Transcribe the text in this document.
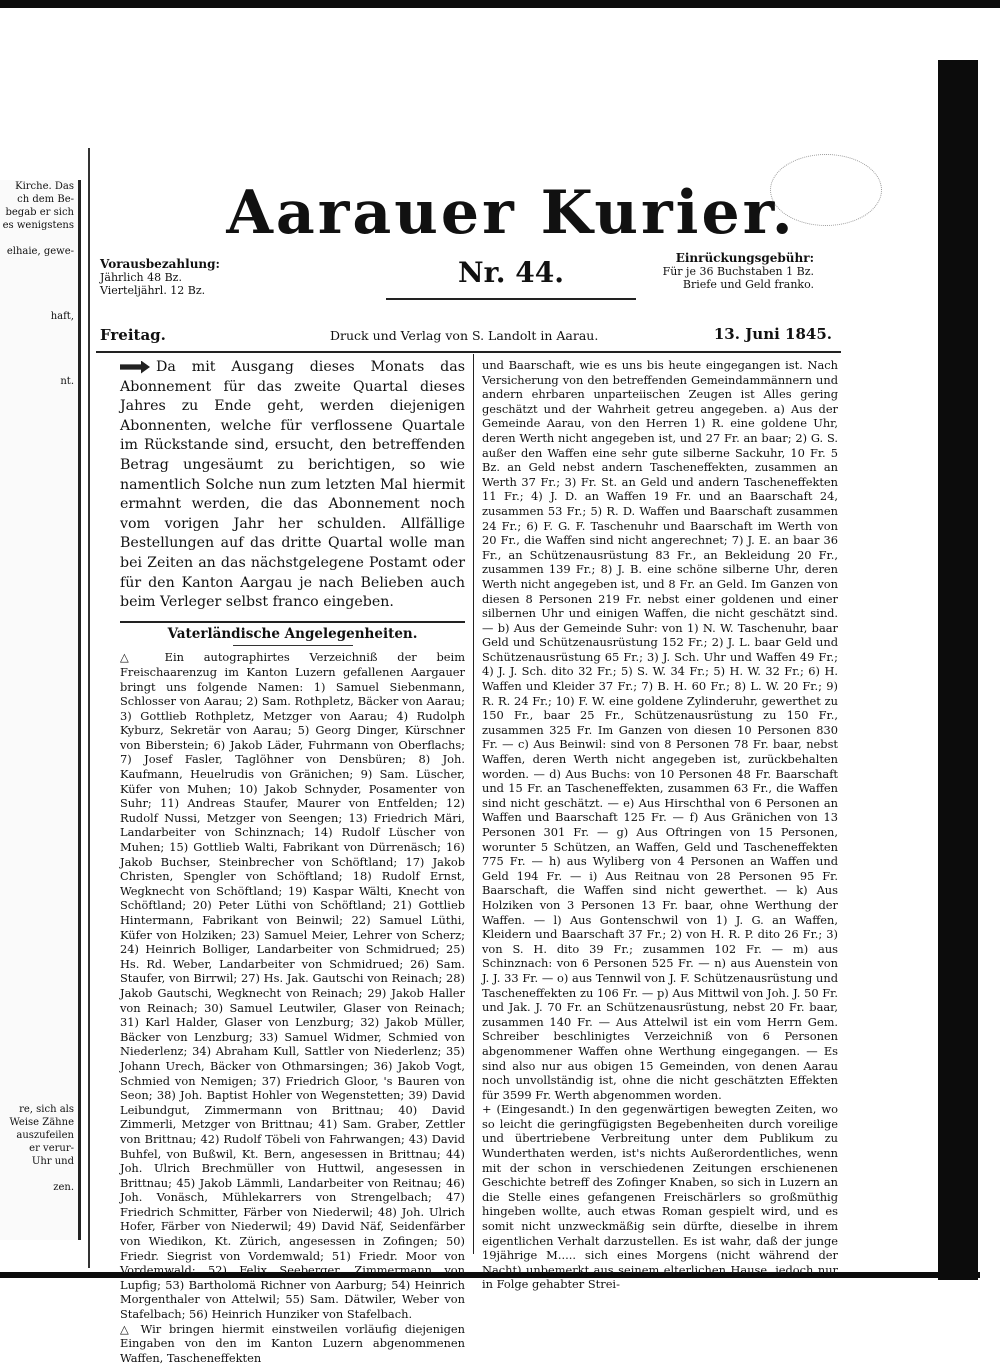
Kirche. Das

ch dem Be-

begab er sich

es wenigstens

elhaie, gewe-

haft,

nt.

re, sich als

Weise Zähne

auszufeilen

er verur-

Uhr und

zen.

Aarauer Kurier.
Vorausbezahlung:
Jährlich 48 Bz.
Vierteljährl. 12 Bz.
Nr. 44.	Einrückungsgebühr:
Für je 36 Buchstaben 1 Bz.
Briefe und Geld franko.
Freitag.	Druck und Verlag von S. Landolt in Aarau.	13. Juni 1845.

Da mit Ausgang dieses Monats das Abonnement für das zweite Quartal dieses Jahres zu Ende geht, werden diejenigen Abonnenten, welche für verflossene Quartale im Rückstande sind, ersucht, den betreffenden Betrag ungesäumt zu berichtigen, so wie namentlich Solche nun zum letzten Mal hiermit ermahnt werden, die das Abonnement noch vom vorigen Jahr her schulden. Allfällige Bestellungen auf das dritte Quartal wolle man bei Zeiten an das nächstgelegene Postamt oder für den Kanton Aargau je nach Belieben auch beim Verleger selbst franco eingeben.

Vaterländische Angelegenheiten.

△ Ein autographirtes Verzeichniß der beim Freischaarenzug im Kanton Luzern gefallenen Aargauer bringt uns folgende Namen: 1) Samuel Siebenmann, Schlosser von Aarau; 2) Sam. Rothpletz, Bäcker von Aarau; 3) Gottlieb Rothpletz, Metzger von Aarau; 4) Rudolph Kyburz, Sekretär von Aarau; 5) Georg Dinger, Kürschner von Biberstein; 6) Jakob Läder, Fuhrmann von Oberflachs; 7) Josef Fasler, Taglöhner von Densbüren; 8) Joh. Kaufmann, Heuelrudis von Gränichen; 9) Sam. Lüscher, Küfer von Muhen; 10) Jakob Schnyder, Posamenter von Suhr; 11) Andreas Staufer, Maurer von Entfelden; 12) Rudolf Nussi, Metzger von Seengen; 13) Friedrich Märi, Landarbeiter von Schinznach; 14) Rudolf Lüscher von Muhen; 15) Gottlieb Walti, Fabrikant von Dürrenäsch; 16) Jakob Buchser, Steinbrecher von Schöftland; 17) Jakob Christen, Spengler von Schöftland; 18) Rudolf Ernst, Wegknecht von Schöftland; 19) Kaspar Wälti, Knecht von Schöftland; 20) Peter Lüthi von Schöftland; 21) Gottlieb Hintermann, Fabrikant von Beinwil; 22) Samuel Lüthi, Küfer von Holziken; 23) Samuel Meier, Lehrer von Scherz; 24) Heinrich Bolliger, Landarbeiter von Schmidrued; 25) Hs. Rd. Weber, Landarbeiter von Schmidrued; 26) Sam. Staufer, von Birrwil; 27) Hs. Jak. Gautschi von Reinach; 28) Jakob Gautschi, Wegknecht von Reinach; 29) Jakob Haller von Reinach; 30) Samuel Leutwiler, Glaser von Reinach; 31) Karl Halder, Glaser von Lenzburg; 32) Jakob Müller, Bäcker von Lenzburg; 33) Samuel Widmer, Schmied von Niederlenz; 34) Abraham Kull, Sattler von Niederlenz; 35) Johann Urech, Bäcker von Othmarsingen; 36) Jakob Vogt, Schmied von Nemigen; 37) Friedrich Gloor, 's Bauren von Seon; 38) Joh. Baptist Hohler von Wegenstetten; 39) David Leibundgut, Zimmermann von Brittnau; 40) David Zimmerli, Metzger von Brittnau; 41) Sam. Graber, Zettler von Brittnau; 42) Rudolf Töbeli von Fahrwangen; 43) David Buhfel, von Bußwil, Kt. Bern, angesessen in Brittnau; 44) Joh. Ulrich Brechmüller von Huttwil, angesessen in Brittnau; 45) Jakob Lämmli, Landarbeiter von Reitnau; 46) Joh. Vonäsch, Mühlekarrers von Strengelbach; 47) Friedrich Schmitter, Färber von Niederwil; 48) Joh. Ulrich Hofer, Färber von Niederwil; 49) David Näf, Seidenfärber von Wiedikon, Kt. Zürich, angesessen in Zofingen; 50) Friedr. Siegrist von Vordemwald; 51) Friedr. Moor von Vordemwald; 52) Felix Seeberger, Zimmermann von Lupfig; 53) Bartholomä Richner von Aarburg; 54) Heinrich Morgenthaler von Attelwil; 55) Sam. Dätwiler, Weber von Stafelbach; 56) Heinrich Hunziker von Stafelbach.

△ Wir bringen hiermit einstweilen vorläufig diejenigen Eingaben von den im Kanton Luzern abgenommenen Waffen, Tascheneffekten

und Baarschaft, wie es uns bis heute eingegangen ist. Nach Versicherung von den betreffenden Gemeindammännern und andern ehrbaren unparteiischen Zeugen ist Alles gering geschätzt und der Wahrheit getreu angegeben. a) Aus der Gemeinde Aarau, von den Herren 1) R. eine goldene Uhr, deren Werth nicht angegeben ist, und 27 Fr. an baar; 2) G. S. außer den Waffen eine sehr gute silberne Sackuhr, 10 Fr. 5 Bz. an Geld nebst andern Taschenеffekten, zusammen an Werth 37 Fr.; 3) Fr. St. an Geld und andern Taschenеffekten 11 Fr.; 4) J. D. an Waffen 19 Fr. und an Baarschaft 24, zusammen 53 Fr.; 5) R. D. Waffen und Baarschaft zusammen 24 Fr.; 6) F. G. F. Taschenuhr und Baarschaft im Werth von 20 Fr., die Waffen sind nicht angerechnet; 7) J. E. an baar 36 Fr., an Schützenausrüstung 83 Fr., an Bekleidung 20 Fr., zusammen 139 Fr.; 8) J. B. eine schöne silberne Uhr, deren Werth nicht angegeben ist, und 8 Fr. an Geld. Im Ganzen von diesen 8 Personen 219 Fr. nebst einer goldenen und einer silbernen Uhr und einigen Waffen, die nicht geschätzt sind. — b) Aus der Gemeinde Suhr: von 1) N. W. Taschenuhr, baar Geld und Schützenausrüstung 152 Fr.; 2) J. L. baar Geld und Schützenausrüstung 65 Fr.; 3) J. Sch. Uhr und Waffen 49 Fr.; 4) J. J. Sch. dito 32 Fr.; 5) S. W. 34 Fr.; 5) H. W. 32 Fr.; 6) H. Waffen und Kleider 37 Fr.; 7) B. H. 60 Fr.; 8) L. W. 20 Fr.; 9) R. R. 24 Fr.; 10) F. W. eine goldene Zylinderuhr, gewerthet zu 150 Fr., baar 25 Fr., Schützenausrüstung zu 150 Fr., zusammen 325 Fr. Im Ganzen von diesen 10 Personen 830 Fr. — c) Aus Beinwil: sind von 8 Personen 78 Fr. baar, nebst Waffen, deren Werth nicht angegeben ist, zurückbehalten worden. — d) Aus Buchs: von 10 Personen 48 Fr. Baarschaft und 15 Fr. an Taschenеffekten, zusammen 63 Fr., die Waffen sind nicht geschätzt. — e) Aus Hirschthal von 6 Personen an Waffen und Baarschaft 125 Fr. — f) Aus Gränichen von 13 Personen 301 Fr. — g) Aus Oftringen von 15 Personen, worunter 5 Schützen, an Waffen, Geld und Taschenеffekten 775 Fr. — h) aus Wyliberg von 4 Personen an Waffen und Geld 194 Fr. — i) Aus Reitnau von 28 Personen 95 Fr. Baarschaft, die Waffen sind nicht gewerthet. — k) Aus Holziken von 3 Personen 13 Fr. baar, ohne Werthung der Waffen. — l) Aus Gontenschwil von 1) J. G. an Waffen, Kleidern und Baarschaft 37 Fr.; 2) von H. R. P. dito 26 Fr.; 3) von S. H. dito 39 Fr.; zusammen 102 Fr. — m) aus Schinznach: von 6 Personen 525 Fr. — n) aus Auenstein von J. J. 33 Fr. — o) aus Tennwil von J. F. Schützenausrüstung und Taschenеffekten zu 106 Fr. — p) Aus Mittwil von Joh. J. 50 Fr. und Jak. J. 70 Fr. an Schützenausrüstung, nebst 20 Fr. baar, zusammen 140 Fr. — Aus Attelwil ist ein vom Herrn Gem. Schreiber beschlinigtes Verzeichniß von 6 Personen abgenommener Waffen ohne Werthung eingegangen. — Es sind also nur aus obigen 15 Gemeinden, von denen Aarau noch unvollständig ist, ohne die nicht geschätzten Effekten für 3599 Fr. Werth abgenommen worden.

+ (Eingesandt.) In den gegenwärtigen bewegten Zeiten, wo so leicht die geringfügigsten Begebenheiten durch voreilige und übertriebene Verbreitung unter dem Publikum zu Wunderthaten werden, ist's nichts Außerordentliches, wenn mit der schon in verschiedenen Zeitungen erschienenen Geschichte betreff des Zofinger Knaben, so sich in Luzern an die Stelle eines gefangenen Freischärlers so großmüthig hingeben wollte, auch etwas Roman gespielt wird, und es somit nicht unzweckmäßig sein dürfte, dieselbe in ihrem eigentlichen Verhalt darzustellen. Es ist wahr, daß der junge 19jährige M..... sich eines Morgens (nicht während der Nacht) unbemerkt aus seinem elterlichen Hause, jedoch nur in Folge gehabter Strei-
